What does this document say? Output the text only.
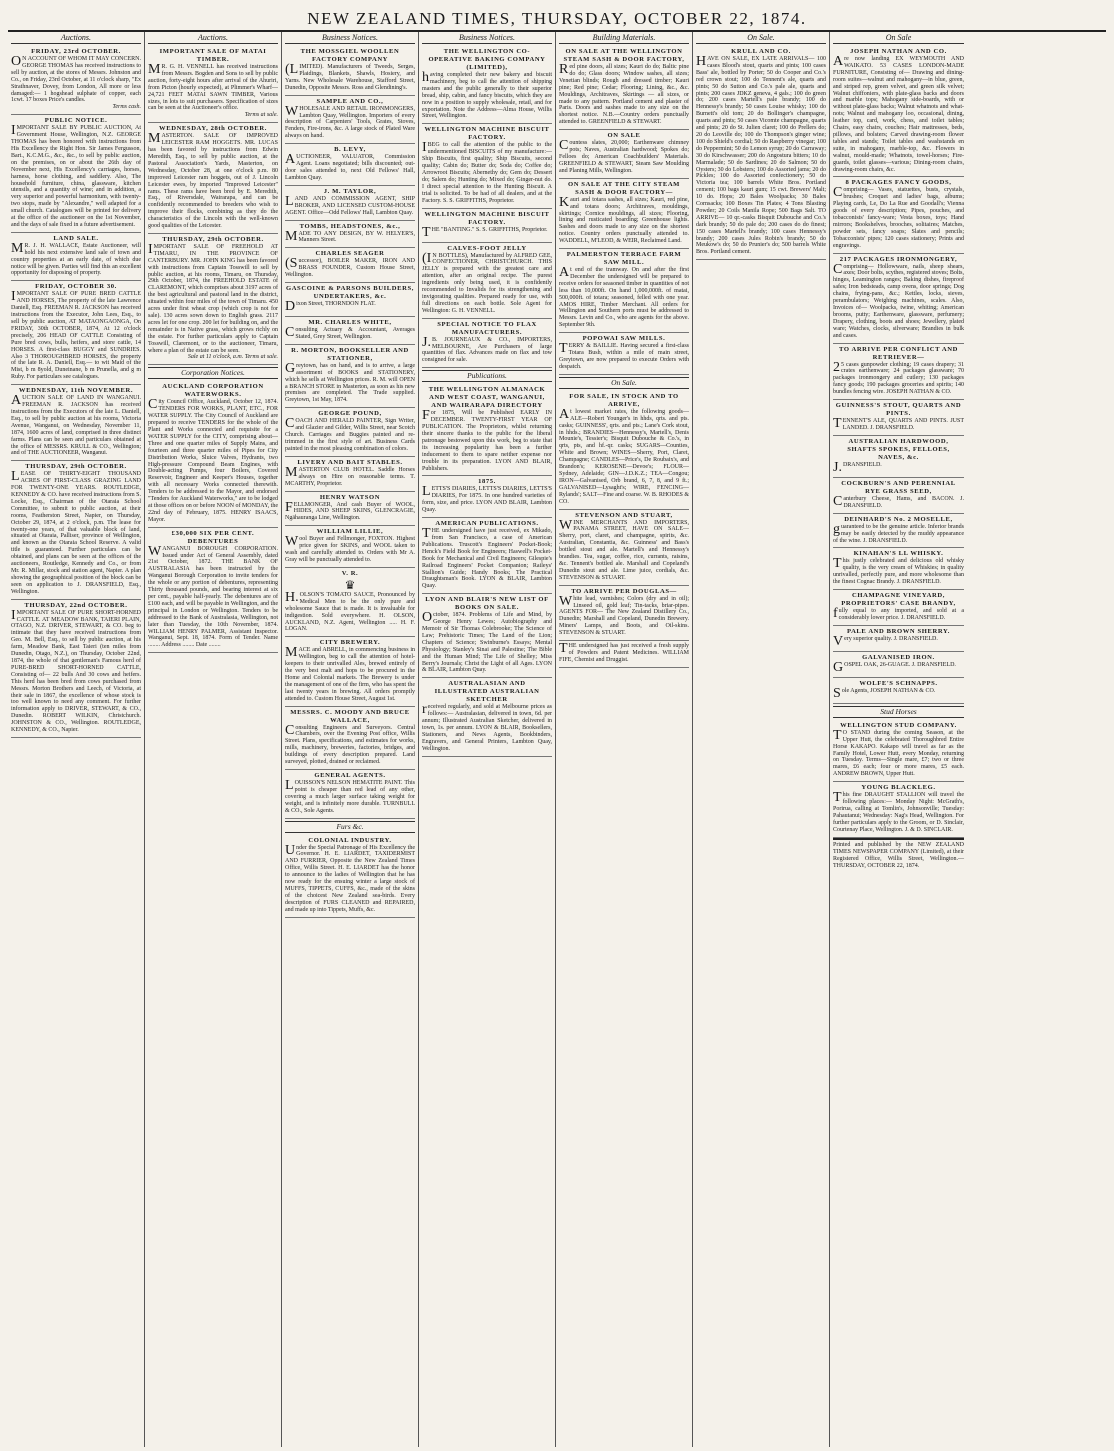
NEW ZEALAND TIMES, THURSDAY, OCTOBER 22, 1874.
Auctions.
FRIDAY, 23rd OCTOBER.
ON ACCOUNT OF WHOM IT MAY CONCERN. GEORGE THOMAS has received instructions to sell by auction, at the stores of Messrs. Johnston and Co., on Friday, 23rd October, at 11 o'clock sharp, "Ex Strathnaver, Dovey, from London, All more or less damaged:— 1 hogshead sulphate of copper, each 1cwt. 17 boxes Price's candles.
Terms cash.
PUBLIC NOTICE.
IMPORTANT SALE BY PUBLIC AUCTION, At Government House, Wellington, N.Z. GEORGE THOMAS has been honored with instructions from His Excellency the Right Hon. Sir James Fergusson, Bart., K.C.M.G., &c., &c., to sell by public auction, on the premises, on or about the 26th day of November next, His Excellency's carriages, horses, harness, horse clothing, and saddlery. Also, The household furniture, china, glassware, kitchen utensils, and a quantity of wine; and in addition, a very superior and powerful harmonium, with twenty-two stops, made by "Alexandre," well adapted for a small church. Catalogues will be printed for delivery at the office of the auctioneer on the 1st November, and the days of sale fixed in a future advertisement.
LAND SALE.
MR. J. H. WALLACE, Estate Auctioneer, will hold his next extensive land sale of town and country properties at an early date, of which due notice will be given. Parties will find this an excellent opportunity for disposing of property.
FRIDAY, OCTOBER 30.
IMPORTANT SALE OF PURE BRED CATTLE AND HORSES, The property of the late Lawrence Daniell, Esq. FREEMAN R. JACKSON has received instructions from the Executor, John Lees, Esq., to sell by public auction, AT MATAONGAONGA, On FRIDAY, 30th OCTOBER, 1874, At 12 o'clock precisely, 206 HEAD OF CATTLE Consisting of Pure bred cows, bulls, heifers, and store cattle, 14 HORSES. A first-class BUGGY and SUNDRIES. Also 3 THOROUGHBRED HORSES, the property of the late R. A. Daniell, Esq.— to wit Maid of the Mist, b m 8yold, Duneinane, b m Prunella, and g m Ruby. For particulars see catalogues.
WEDNESDAY, 11th NOVEMBER.
AUCTION SALE OF LAND IN WANGANUI. FREEMAN R. JACKSON has received instructions from the Executors of the late L. Daniell, Esq., to sell by public auction at his rooms, Victoria Avenue, Wanganui, on Wednesday, November 11, 1874, 1600 acres of land, comprised in three distinct farms. Plans can be seen and particulars obtained at the office of MESSRS. KRULL & CO., Wellington; and of THE AUCTIONEER, Wanganui.
THURSDAY, 29th OCTOBER.
LEASE OF THIRTY-EIGHT THOUSAND ACRES OF FIRST-CLASS GRAZING LAND FOR TWENTY-ONE YEARS. ROUTLEDGE, KENNEDY & CO. have received instructions from S. Locke, Esq., Chairman of the Otaraia School Committee, to submit to public auction, at their rooms, Featherston Street, Napier, on Thursday, October 29, 1874, at 2 o'clock, p.m. The lease for twenty-one years, of that valuable block of land, situated at Otaraia, Palliser, province of Wellington, and known as the Otaraia School Reserve. A valid title is guaranteed. Further particulars can be obtained, and plans can be seen at the offices of the auctioneers, Routledge, Kennedy and Co., or from Mr. R. Millar, stock and station agent, Napier. A plan showing the geographical position of the block can be seen on application to J. DRANSFIELD, Esq., Wellington.
THURSDAY, 22nd OCTOBER.
IMPORTANT SALE OF PURE SHORT-HORNED CATTLE. AT MEADOW BANK, TAIERI PLAIN, OTAGO, N.Z. DRIVER, STEWART, & CO. beg to intimate that they have received instructions from Geo. M. Bell, Esq., to sell by public auction, at his farm, Meadow Bank, East Taieri (ten miles from Dunedin, Otago, N.Z.), on Thursday, October 22nd, 1874, the whole of that gentleman's Famous herd of PURE-BRED SHORT-HORNED CATTLE, Consisting of— 22 bulls And 30 cows and heifers. This herd has been bred from cows purchased from Messrs. Morton Brothers and Leech, of Victoria, at their sale in 1867, the excellence of whose stock is too well known to need any comment. For further information apply to DRIVER, STEWART, & CO., Dunedin. ROBERT WILKIN, Christchurch. JOHNSTON & CO., Wellington. ROUTLEDGE, KENNEDY, & CO., Napier.
Auctions.
IMPORTANT SALE OF MATAI TIMBER.
MR. G. H. VENNELL has received instructions from Messrs. Bogden and Sons to sell by public auction, forty-eight hours after arrival of the Ahuriri, from Picton (hourly expected), at Plimmer's Wharf— 24,721 FEET MATAI SAWN TIMBER, Various sizes, in lots to suit purchasers. Specification of sizes can be seen at the Auctioneer's office.
Terms at sale.
WEDNESDAY, 28th OCTOBER.
MASTERTON. SALE OF IMPROVED LEICESTER RAM HOGGETS. MR. LUCAS has been favored by instructions from Edwin Meredith, Esq., to sell by public auction, at the Pastoral Association's Yards, Masterton, on Wednesday, October 28, at one o'clock p.m. 80 improved Leicester ram hoggets, out of J. Lincoln Leicester ewes, by imported "Improved Leicester" rams. These rams have been bred by E. Meredith, Esq., of Riversdale, Wairarapa, and can be confidently recommended to breeders who wish to improve their flocks, combining as they do the characteristics of the Lincoln with the well-known good qualities of the Leicester.
THURSDAY, 29th OCTOBER.
IMPORTANT SALE OF FREEHOLD AT TIMARU, IN THE PROVINCE OF CANTERBURY. MR. JOHN KING has been favored with instructions from Captain Tosswill to sell by public auction, at his rooms, Timaru, on Thursday, 29th October, 1874, the FREEHOLD ESTATE of CLAREMONT, which comprises about 3197 acres of the best agricultural and pastoral land in the district, situated within four miles of the town of Timaru. 450 acres under first wheat crop (which crop is not for sale). 130 acres sown down to English grass. 2117 acres let for one crop. 200 let for building on, and the remainder is in Native grass, which grows richly on the estate. For further particulars apply to Captain Tosswill, Claremont, or to the auctioneer, Timaru, where a plan of the estate can be seen.
Sale at 11 o'clock, a.m. Terms at sale.
Corporation Notices.
AUCKLAND CORPORATION WATERWORKS.
City Council Office, Auckland, October 12, 1874. TENDERS FOR WORKS, PLANT, ETC., FOR WATER SUPPLY. The City Council of Auckland are prepared to receive TENDERS for the whole of the Plant and Works connected and requisite for a WATER SUPPLY for the CITY, comprising about—Three and one quarter miles of Supply Mains, and fourteen and three quarter miles of Pipes for City Distribution Works, Sluice Valves, Hydrants, two High-pressure Compound Beam Engines, with Double-acting Pumps, four Boilers, Covered Reservoir, Engineer and Keeper's Houses, together with all necessary Works connected therewith. Tenders to be addressed to the Mayor, and endorsed "Tenders for Auckland Waterworks," are to be lodged at those offices on or before NOON of MONDAY, the 22nd day of February, 1875. HENRY ISAACS, Mayor.
£30,000 SIX PER CENT. DEBENTURES
WANGANUI BOROUGH CORPORATION. Issued under Act of General Assembly, dated 21st October, 1872. THE BANK OF AUSTRALASIA has been instructed by the Wanganui Borough Corporation to invite tenders for the whole or any portion of debentures, representing Thirty thousand pounds, and bearing interest at six per cent., payable half-yearly. The debentures are of £100 each, and will be payable in Wellington, and the principal in London or Wellington. Tenders to be addressed to the Bank of Australasia, Wellington, not later than Tuesday, the 10th November, 1874. WILLIAM HENRY PALMER, Assistant Inspector. Wanganui, Sept. 18, 1874. Form of Tender. Name ........ Address ........ Date ........
Business Notices.
THE MOSSGIEL WOOLLEN FACTORY COMPANY
(LIMITED). Manufacturers of Tweeds, Serges, Plaidings, Blankets, Shawls, Hosiery, and Yarns. New Wholesale Warehouse, Stafford Street, Dunedin, Opposite Messrs. Ross and Glendining's.
SAMPLE AND CO.,
WHOLESALE AND RETAIL IRONMONGERS, Lambton Quay, Wellington. Importers of every description of Carpenters' Tools, Grates, Stoves, Fenders, Fire-irons, &c. A large stock of Plated Ware always on hand.
B. LEVY,
AUCTIONEER, VALUATOR, Commission Agent. Loans negotiated; bills discounted; out-door sales attended to, next Old Fellows' Hall, Lambton Quay.
J. M. TAYLOR,
LAND AND COMMISSION AGENT, SHIP BROKER, AND LICENSED CUSTOM-HOUSE AGENT. Office—Odd Fellows' Hall, Lambton Quay.
TOMBS, HEADSTONES, &c.,
MADE TO ANY DESIGN, BY W. HELYER'S, Manners Street.
CHARLES SEAGER
(Successor), BOILER MAKER, IRON AND BRASS FOUNDER, Custom House Street, Wellington.
GASCOINE & PARSONS BUILDERS, UNDERTAKERS, &c.
Dixon Street, THORNDON FLAT.
MR. CHARLES WHITE,
Consulting Actuary & Accountant, Averages Stated, Grey Street, Wellington.
R. MORTON, BOOKSELLER AND STATIONER,
Greytown, has on hand, and is to arrive, a large assortment of BOOKS and STATIONERY, which he sells at Wellington prices. R. M. will OPEN a BRANCH STORE in Masterton, as soon as his new premises are completed. The Trade supplied. Greytown, 1st May, 1874.
GEORGE POUND,
COACH AND HERALD PAINTER, Sign Writer, and Glazier and Gilder, Willis Street, near Scotch Church. Carriages and Buggies painted and re-trimmed in the first style of art. Business Cards painted in the most pleasing combination of colors.
LIVERY AND BAIT STABLES.
MASTERTON CLUB HOTEL. Saddle Horses always on Hire on reasonable terms. T. MCARTHY, Proprietor.
HENRY WATSON
FELLMONGER, And cash Buyer of WOOL, HIDES, AND SHEEP SKINS, GLENCRAGIE, Ngāhauranga Line, Wellington.
WILLIAM LILLIE,
Wool Buyer and Fellmonger, FOXTON. Highest price given for SKINS, and WOOL taken to wash and carefully attended to. Orders with Mr A. Gray will be punctually attended to.
V. R.
♛
H.OLSON'S TOMATO SAUCE, Pronounced by Medical Men to be the only pure and wholesome Sauce that is made. It is invaluable for indigestion. Sold everywhere. H. OLSON, AUCKLAND, N.Z. Agent, Wellington ..... H. F. LOGAN.
CITY BREWERY.
MACE and ABRELL, in commencing business in Wellington, beg to call the attention of hotel-keepers to their unrivalled Ales, brewed entirely of the very best malt and hops to be procured in the Home and Colonial markets. The Brewery is under the management of one of the firm, who has spent the last twenty years in brewing. All orders promptly attended to. Custom House Street, August 1st.
MESSRS. C. MOODY AND BRUCE WALLACE,
Consulting Engineers and Surveyors. Central Chambers, over the Evening Post office, Willis Street. Plans, specifications, and estimates for works, mills, machinery, breweries, factories, bridges, and buildings of every description prepared. Land surveyed, plotted, drained or reclaimed.
GENERAL AGENTS.
LOUISSON'S NELSON HEMATITE PAINT. This point is cheaper than red lead of any other, covering a much larger surface taking weight for weight, and is infinitely more durable. TURNBULL & CO., Sole Agents.
Furs &c.
COLONIAL INDUSTRY.
Under the Special Patronage of His Excellency the Governor. H. E. LIARDET, TAXIDERMIST AND FURRIER, Opposite the New Zealand Times Office, Willis Street. H. E. LIARDET has the honor to announce to the ladies of Wellington that he has now ready for the ensuing winter a large stock of MUFFS, TIPPETS, CUFFS, &c., made of the skins of the choicest New Zealand sea-birds. Every description of FURS CLEANED and REPAIRED, and made up into Tippets, Muffs, &c.
Business Notices.
THE WELLINGTON CO-OPERATIVE BAKING COMPANY (LIMITED),
having completed their new bakery and biscuit machinery, beg to call the attention of shipping masters and the public generally to their superior bread, ship, cabin, and fancy biscuits, which they are now in a position to supply wholesale, retail, and for exportation. Note the Address—Alma House, Willis Street, Wellington.
WELLINGTON MACHINE BISCUIT FACTORY.
IBEG to call the attention of the public to the undermentioned BISCUITS of my manufacture:— Ship Biscuits, first quality; Ship Biscuits, second quality; Cabin do; Butter do; Soda do; Coffee do; Arrowroot Biscuits; Abernethy do; Gem do; Dessert do; Salem do; Hunting do; Mixed do; Ginger-nut do. I direct special attention to the Hunting Biscuit. A trial is solicited. To be had of all dealers, and at the Factory. S. S. GRIFFITHS, Proprietor.
WELLINGTON MACHINE BISCUIT FACTORY.
THE "BANTING." S. S. GRIFFITHS, Proprietor.
CALVES-FOOT JELLY
(IN BOTTLES), Manufactured by ALFRED GEE, CONFECTIONER, CHRISTCHURCH. THIS JELLY is prepared with the greatest care and attention, after an original recipe. The purest ingredients only being used, it is confidently recommended to Invalids for its strengthening and invigorating qualities. Prepared ready for use, with full directions on each bottle. Sole Agent for Wellington: G. H. VENNELL.
SPECIAL NOTICE TO FLAX MANUFACTURERS.
J.B. JOURNEAUX & CO., IMPORTERS, MELBOURNE, Are Purchasers of large quantities of flax. Advances made on flax and tow consigned for sale.
Publications.
THE WELLINGTON ALMANACK AND WEST COAST, WANGANUI, AND WAIRARAPA DIRECTORY
For 1875, Will be Published EARLY IN DECEMBER. TWENTY-FIRST YEAR OF PUBLICATION. The Proprietors, whilst returning their sincere thanks to the public for the liberal patronage bestowed upon this work, beg to state that its increasing popularity has been a further inducement to them to spare neither expense nor trouble in its preparation. LYON AND BLAIR, Publishers.
1875.
LETTS'S DIARIES, LETTS'S DIARIES, LETTS'S DIARIES, For 1875. In one hundred varieties of form, size, and price. LYON AND BLAIR, Lambton Quay.
AMERICAN PUBLICATIONS.
THE undersigned have just received, ex Mikado, from San Francisco, a case of American Publications. Truscott's Engineers' Pocket-Book; Henck's Field Book for Engineers; Haswell's Pocket-Book for Mechanical and Civil Engineers; Gilespie's Railroad Engineers' Pocket Companion; Raileys' Stallion's Guide; Handy Books; The Practical Draughtsman's Book. LYON & BLAIR, Lambton Quay.
LYON AND BLAIR'S NEW LIST OF BOOKS ON SALE.
October, 1874. Problems of Life and Mind, by George Henry Lewes; Autobiography and Memoir of Sir Thomas Colebrooke; The Science of Law; Prehistoric Times; The Land of the Lion; Chapters of Science; Swinburne's Essays; Mental Physiology; Stanley's Sinai and Palestine; The Bible and the Human Mind; The Life of Shelley; Miss Berry's Journals; Christ the Light of all Ages. LYON & BLAIR, Lambton Quay.
AUSTRALASIAN AND ILLUSTRATED AUSTRALIAN SKETCHER
received regularly, and sold at Melbourne prices as follows:— Australasian, delivered in town, 6d. per annum; Illustrated Australian Sketcher, delivered in town, 1s. per annum. LYON & BLAIR, Booksellers, Stationers, and News Agents, Bookbinders, Engravers, and General Printers, Lambton Quay, Wellington.
Building Materials.
ON SALE AT THE WELLINGTON STEAM SASH & DOOR FACTORY,
Red pine doors, all sizes; Kauri do do; Baltic pine do do; Glass doors; Window sashes, all sizes; Venetian blinds; Rough and dressed timber; Kauri pine; Red pine; Cedar; Flooring; Lining, &c., &c. Mouldings, Architraves, Skirtings — all sizes, or made to any pattern. Portland cement and plaster of Paris. Doors and sashes made to any size on the shortest notice. N.B.—Country orders punctually attended to. GREENFIELD & STEWART.
ON SALE
Countess slates, 20,000; Earthenware chimney pots; Naves, Australian hardwood; Spokes do; Felloes do; American Coachbuilders' Materials. GREENFIELD & STEWART, Steam Saw Moulding and Planing Mills, Wellington.
ON SALE AT THE CITY STEAM SASH & DOOR FACTORY—
Kauri and totara sashes, all sizes; Kauri, red pine, and totara doors; Architraves, mouldings, skirtings; Cornice mouldings, all sizes; Flooring, lining and rusticated boarding; Greenhouse lights. Sashes and doors made to any size on the shortest notice. Country orders punctually attended to. WADDELL, M'LEOD, & WEIR, Reclaimed Land.
PALMERSTON TERRACE FARM SAW MILL.
At end of the tramway. On and after the first December the undersigned will be prepared to receive orders for seasoned timber in quantities of not less than 10,000ft. On hand 1,000,000ft. of matai, 500,000ft. of totara; seasoned, felled with one year. AMOS HIRE, Timber Merchant. All orders for Wellington and Southern ports must be addressed to Messrs. Levin and Co., who are agents for the above. September 9th.
POPOWAI SAW MILLS.
TERRY & BAILLIE. Having secured a first-class Totara Bush, within a mile of main street, Greytown, are now prepared to execute Orders with despatch.
On Sale.
FOR SALE, IN STOCK AND TO ARRIVE,
At lowest market rates, the following goods— ALE—Robert Younger's in hhds, qrts. and pts. casks; GUINNESS', qrts. and pts.; Lane's Cork stout, in hhds.; BRANDIES—Hennessy's, Martell's, Denis Mounie's, Tessier's; Bisquit Dubouche & Co.'s, in qrts, pts, and hf.-qr. casks; SUGARS—Counties, White and Brown; WINES—Sherry, Port, Claret, Champagne; CANDLES—Price's, De Roubaix's, and Brandon's; KEROSENE—Devoe's; FLOUR—Sydney, Adelaide; GIN—J.D.K.Z.; TEA—Congou; IRON—Galvanised, Orb brand, 6, 7, 8, and 9 ft.; GALVANISED—Lysaght's; WIRE, FENCING—Rylands'; SALT—Fine and coarse. W. B. RHODES & CO.
STEVENSON AND STUART,
WINE MERCHANTS AND IMPORTERS, PANAMA STREET, HAVE ON SALE— Sherry, port, claret, and champagne, spirits, &c. Australian, Constantia, &c. Guinness' and Bass's bottled stout and ale. Martell's and Hennessy's brandies. Tea, sugar, coffee, rice, currants, raisins, &c. Tennent's bottled ale. Marshall and Copeland's Dunedin stout and ale. Lime juice, cordials, &c. STEVENSON & STUART.
TO ARRIVE PER DOUGLAS—
White lead, varnishes; Colors (dry and in oil); Linseed oil, gold leaf; Tin-tacks, briar-pipes. AGENTS FOR— The New Zealand Distillery Co., Dunedin; Marshall and Copeland, Dunedin Brewery. Miners' Lamps, and Boots, and Oil-skins. STEVENSON & STUART.
THE undersigned has just received a fresh supply of Powders and Patent Medicines. WILLIAM FIFE, Chemist and Druggist.
On Sale.
KRULL AND CO.
HAVE ON SALE, EX LATE ARRIVALS— 100 cases Blood's stout, quarts and pints; 100 cases Bass' ale, bottled by Porter; 50 do Cooper and Co.'s red crown stout; 100 do Tennent's ale, quarts and pints; 50 do Sutton and Co.'s pale ale, quarts and pints; 200 cases JDKZ geneva, 4 gals.; 100 do green do; 200 cases Martell's pale brandy; 100 do Hennessy's brandy; 50 cases Louise whisky; 100 do Burnett's old tom; 20 do Bollinger's champagne, quarts and pints; 50 cases Vicomte champagne, quarts and pints; 20 do St. Julien claret; 100 do Prellers do; 20 do Leoville do; 100 do Thompson's ginger wine; 100 do Shield's cordial; 50 do Raspberry vinegar; 100 do Peppermint; 50 do Lemon syrup; 20 do Carraway; 30 do Kirschwasser; 200 do Angostura bitters; 10 do Marmalade; 50 do Sardines; 20 do Salmon; 50 do Oysters; 30 do Lobsters; 100 do Assorted jams; 20 do Pickles; 100 do Assorted confectionery; 50 do Victoria tea; 100 barrels White Bros. Portland cement; 100 bags kauri gum; 15 cwt. Brewers' Malt; 10 do. Hops; 20 Bales Woolpacks; 30 Bales Cornsacks; 100 Boxes Tin Plates; 4 Tons Blasting Powder; 20 Coils Manila Rope; 500 Bags Salt. TO ARRIVE— 10 qr.-casks Bisquit Dubouche and Co.'s dark brandy; 50 do pale do; 200 cases do do finest; 150 cases Martell's brandy; 100 cases Hennessy's brandy; 200 cases Jules Robin's brandy; 50 do Meukow's do; 50 do Prunier's do; 500 barrels White Bros. Portland cement.
On Sale
JOSEPH NATHAN AND CO.
Are now landing EX WEYMOUTH AND WAIKATO. 53 CASES LONDON-MADE FURNITURE, Consisting of— Drawing and dining-room suites—walnut and mahogany—in blue, green, and striped rep, green velvet, and green silk velvet; Walnut chiffoniers, with plate-glass backs and doors and marble tops; Mahogany side-boards, with or without plate-glass backs; Walnut whatnots and what-nots; Walnut and mahogany loo, occasional, dining, leather top, card, work, chess, and toilet tables; Chairs, easy chairs, couches; Hair mattresses, beds, pillows, and bolsters; Carved drawing-room flower tables and stands; Toilet tables and washstands en suite, in mahogany, marble-top, &c. Flowers in walnut, mould-made; Whatnots, towel-horses; Fire-guards, toilet glasses—various; Dining-room chairs, drawing-room chairs, &c.
8 PACKAGES FANCY GOODS,
Comprising— Vases, statuettes, busts, crystals, brushes; Croquet and ladies' bags, albums; Playing cards, Le, Do La Rue and Goodall's; Vienna goods of every description; Pipes, pouches, and tobacconists' fancy-ware; Vesta boxes, toys; Hand mirrors; Bookshelves, brooches, solitaires; Matches, powder sets, fancy soaps; Slates and pencils; Tobacconists' pipes; 120 cases stationery; Prints and engravings.
217 PACKAGES IRONMONGERY,
Comprising— Hollowware, nails, sheep shears, axes; Door bolts, scythes, registered stoves; Bolts, hinges, Leamington ranges; Baking dishes, fireproof safes; Iron bedsteads, camp ovens, door springs; Dog chains, frying-pans, &c.; Kettles, locks, sieves, perambulators; Weighing machines, scales. Also, Invoices of— Woolpacks, twine, whiting; American brooms, putty; Earthenware, glassware, perfumery; Drapery, clothing, boots and shoes; Jewellery, plated ware; Watches, clocks, silverware; Brandies in bulk and cases.
TO ARRIVE PER CONFLICT AND RETRIEVER—
25 cases gunpowder clothing; 19 cases drapery; 31 crates earthenware; 24 packages glassware; 70 packages ironmongery and cutlery; 130 packages fancy goods; 190 packages groceries and spirits; 140 bundles fencing wire. JOSEPH NATHAN & CO.
GUINNESS'S STOUT, QUARTS AND PINTS.
TENNENT'S ALE, QUARTS AND PINTS. JUST LANDED. J. DRANSFIELD.
AUSTRALIAN HARDWOOD, SHAFTS SPOKES, FELLOES, NAVES, &c.
J.DRANSFIELD.
COCKBURN'S AND PERENNIAL RYE GRASS SEED,
Canterbury Cheese, Hams, and BACON. J. DRANSFIELD.
DEINHARD'S No. 2 MOSELLE,
guaranteed to be the genuine article. Inferior brands may be easily detected by the muddy appearance of the wine. J. DRANSFIELD.
KINAHAN'S LL WHISKY.
This justly celebrated and delicious old whisky quality, is the very cream of Whiskies; in quality unrivalled, perfectly pure, and more wholesome than the finest Cognac Brandy. J. DRANSFIELD.
CHAMPAGNE VINEYARD, PROPRIETORS' CASE BRANDY,
fully equal to any imported, and sold at a considerably lower price. J. DRANSFIELD.
PALE AND BROWN SHERRY.
Very superior quality. J. DRANSFIELD.
GALVANISED IRON.
GOSPEL OAK, 26-GUAGE. J. DRANSFIELD.
WOLFE'S SCHNAPPS.
Sole Agents, JOSEPH NATHAN & CO.
Stud Horses
WELLINGTON STUD COMPANY.
TO STAND during the coming Season, at the Upper Hutt, the celebrated Thoroughbred Entire Horse KAKAPO. Kakapo will travel as far as the Family Hotel, Lower Hutt, every Monday, returning on Tuesday. Terms—Single mare, £7; two or three mares, £6 each; four or more mares, £5 each. ANDREW BROWN, Upper Hutt.
YOUNG BLACKLEG.
This fine DRAUGHT STALLION will travel the following places:— Monday Night: McGrath's, Porirua, calling at Tomlin's, Johnsonville; Tuesday: Pahautanui; Wednesday: Nag's Head, Wellington. For further particulars apply to the Groom, or D. Sinclair, Courtenay Place, Wellington. J. & D. SINCLAIR.
Printed and published by the NEW ZEALAND TIMES NEWSPAPER COMPANY (Limited), at their Registered Office, Willis Street, Wellington.—THURSDAY, OCTOBER 22, 1874.
